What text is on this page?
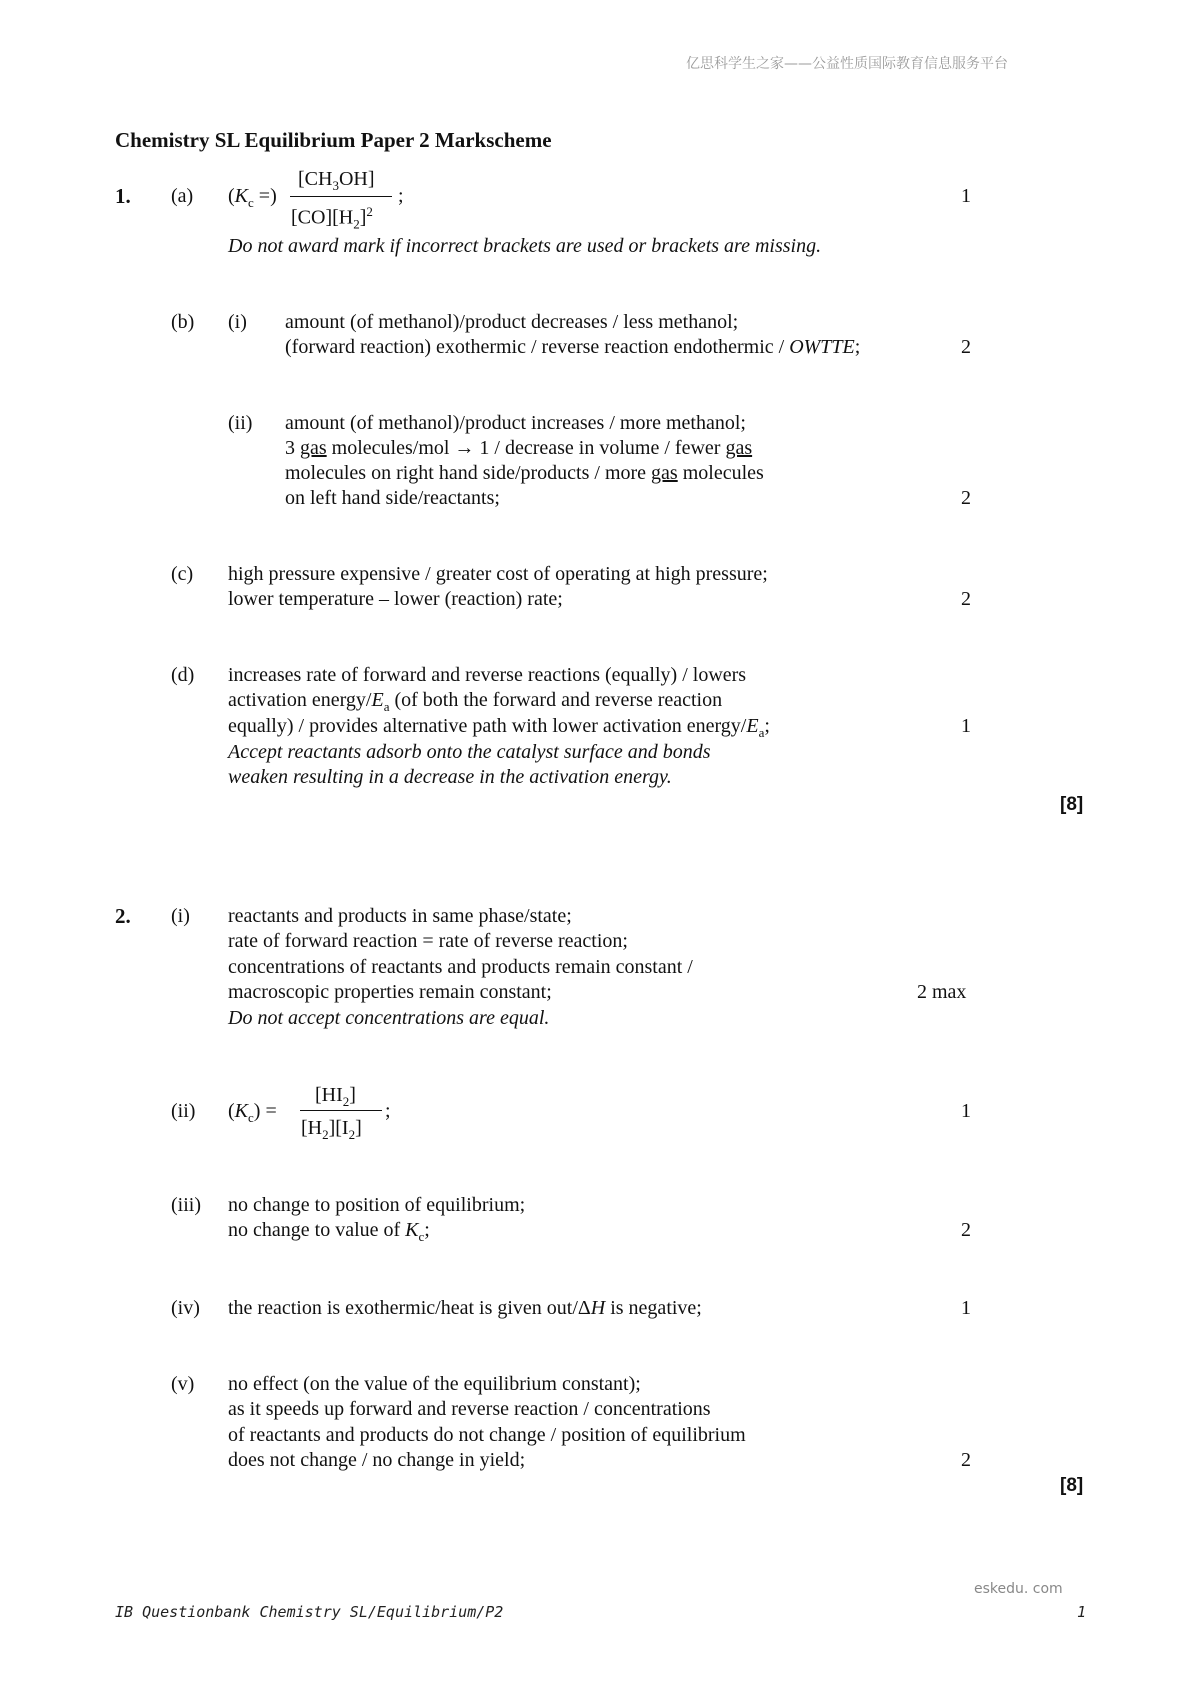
亿思科学生之家——公益性质国际教育信息服务平台
Chemistry SL Equilibrium Paper 2 Markscheme
1. (a) ($K_c$ =)
$[CH_3OH]$
$[CO][H_2]^2$
;	1
Do not award mark if incorrect brackets are used or brackets are missing.
(b) (i) amount (of methanol)/product decreases / less methanol;
(forward reaction) exothermic / reverse reaction endothermic / OWTTE;	2
(ii) amount (of methanol)/product increases / more methanol;
3 gas molecules/mol → 1 / decrease in volume / fewer gas
molecules on right hand side/products / more gas molecules
on left hand side/reactants;	2
(c) high pressure expensive / greater cost of operating at high pressure;
lower temperature – lower (reaction) rate;	2
(d) increases rate of forward and reverse reactions (equally) / lowers
activation energy/$E_a$ (of both the forward and reverse reaction
equally) / provides alternative path with lower activation energy/$E_a$;	1
Accept reactants adsorb onto the catalyst surface and bonds
weaken resulting in a decrease in the activation energy.
[8]
2. (i) reactants and products in same phase/state;
rate of forward reaction = rate of reverse reaction;
concentrations of reactants and products remain constant /
macroscopic properties remain constant;	2 max
Do not accept concentrations are equal.
(ii) $(K_c)$ =
$[HI_2]$
$[H_2][I_2]$
;	1
(iii) no change to position of equilibrium;
no change to value of $K_c$;	2
(iv) the reaction is exothermic/heat is given out/ΔH is negative;	1
(v) no effect (on the value of the equilibrium constant);
as it speeds up forward and reverse reaction / concentrations
of reactants and products do not change / position of equilibrium
does not change / no change in yield;	2
[8]
eskedu. com
IB Questionbank Chemistry SL/Equilibrium/P2	1
